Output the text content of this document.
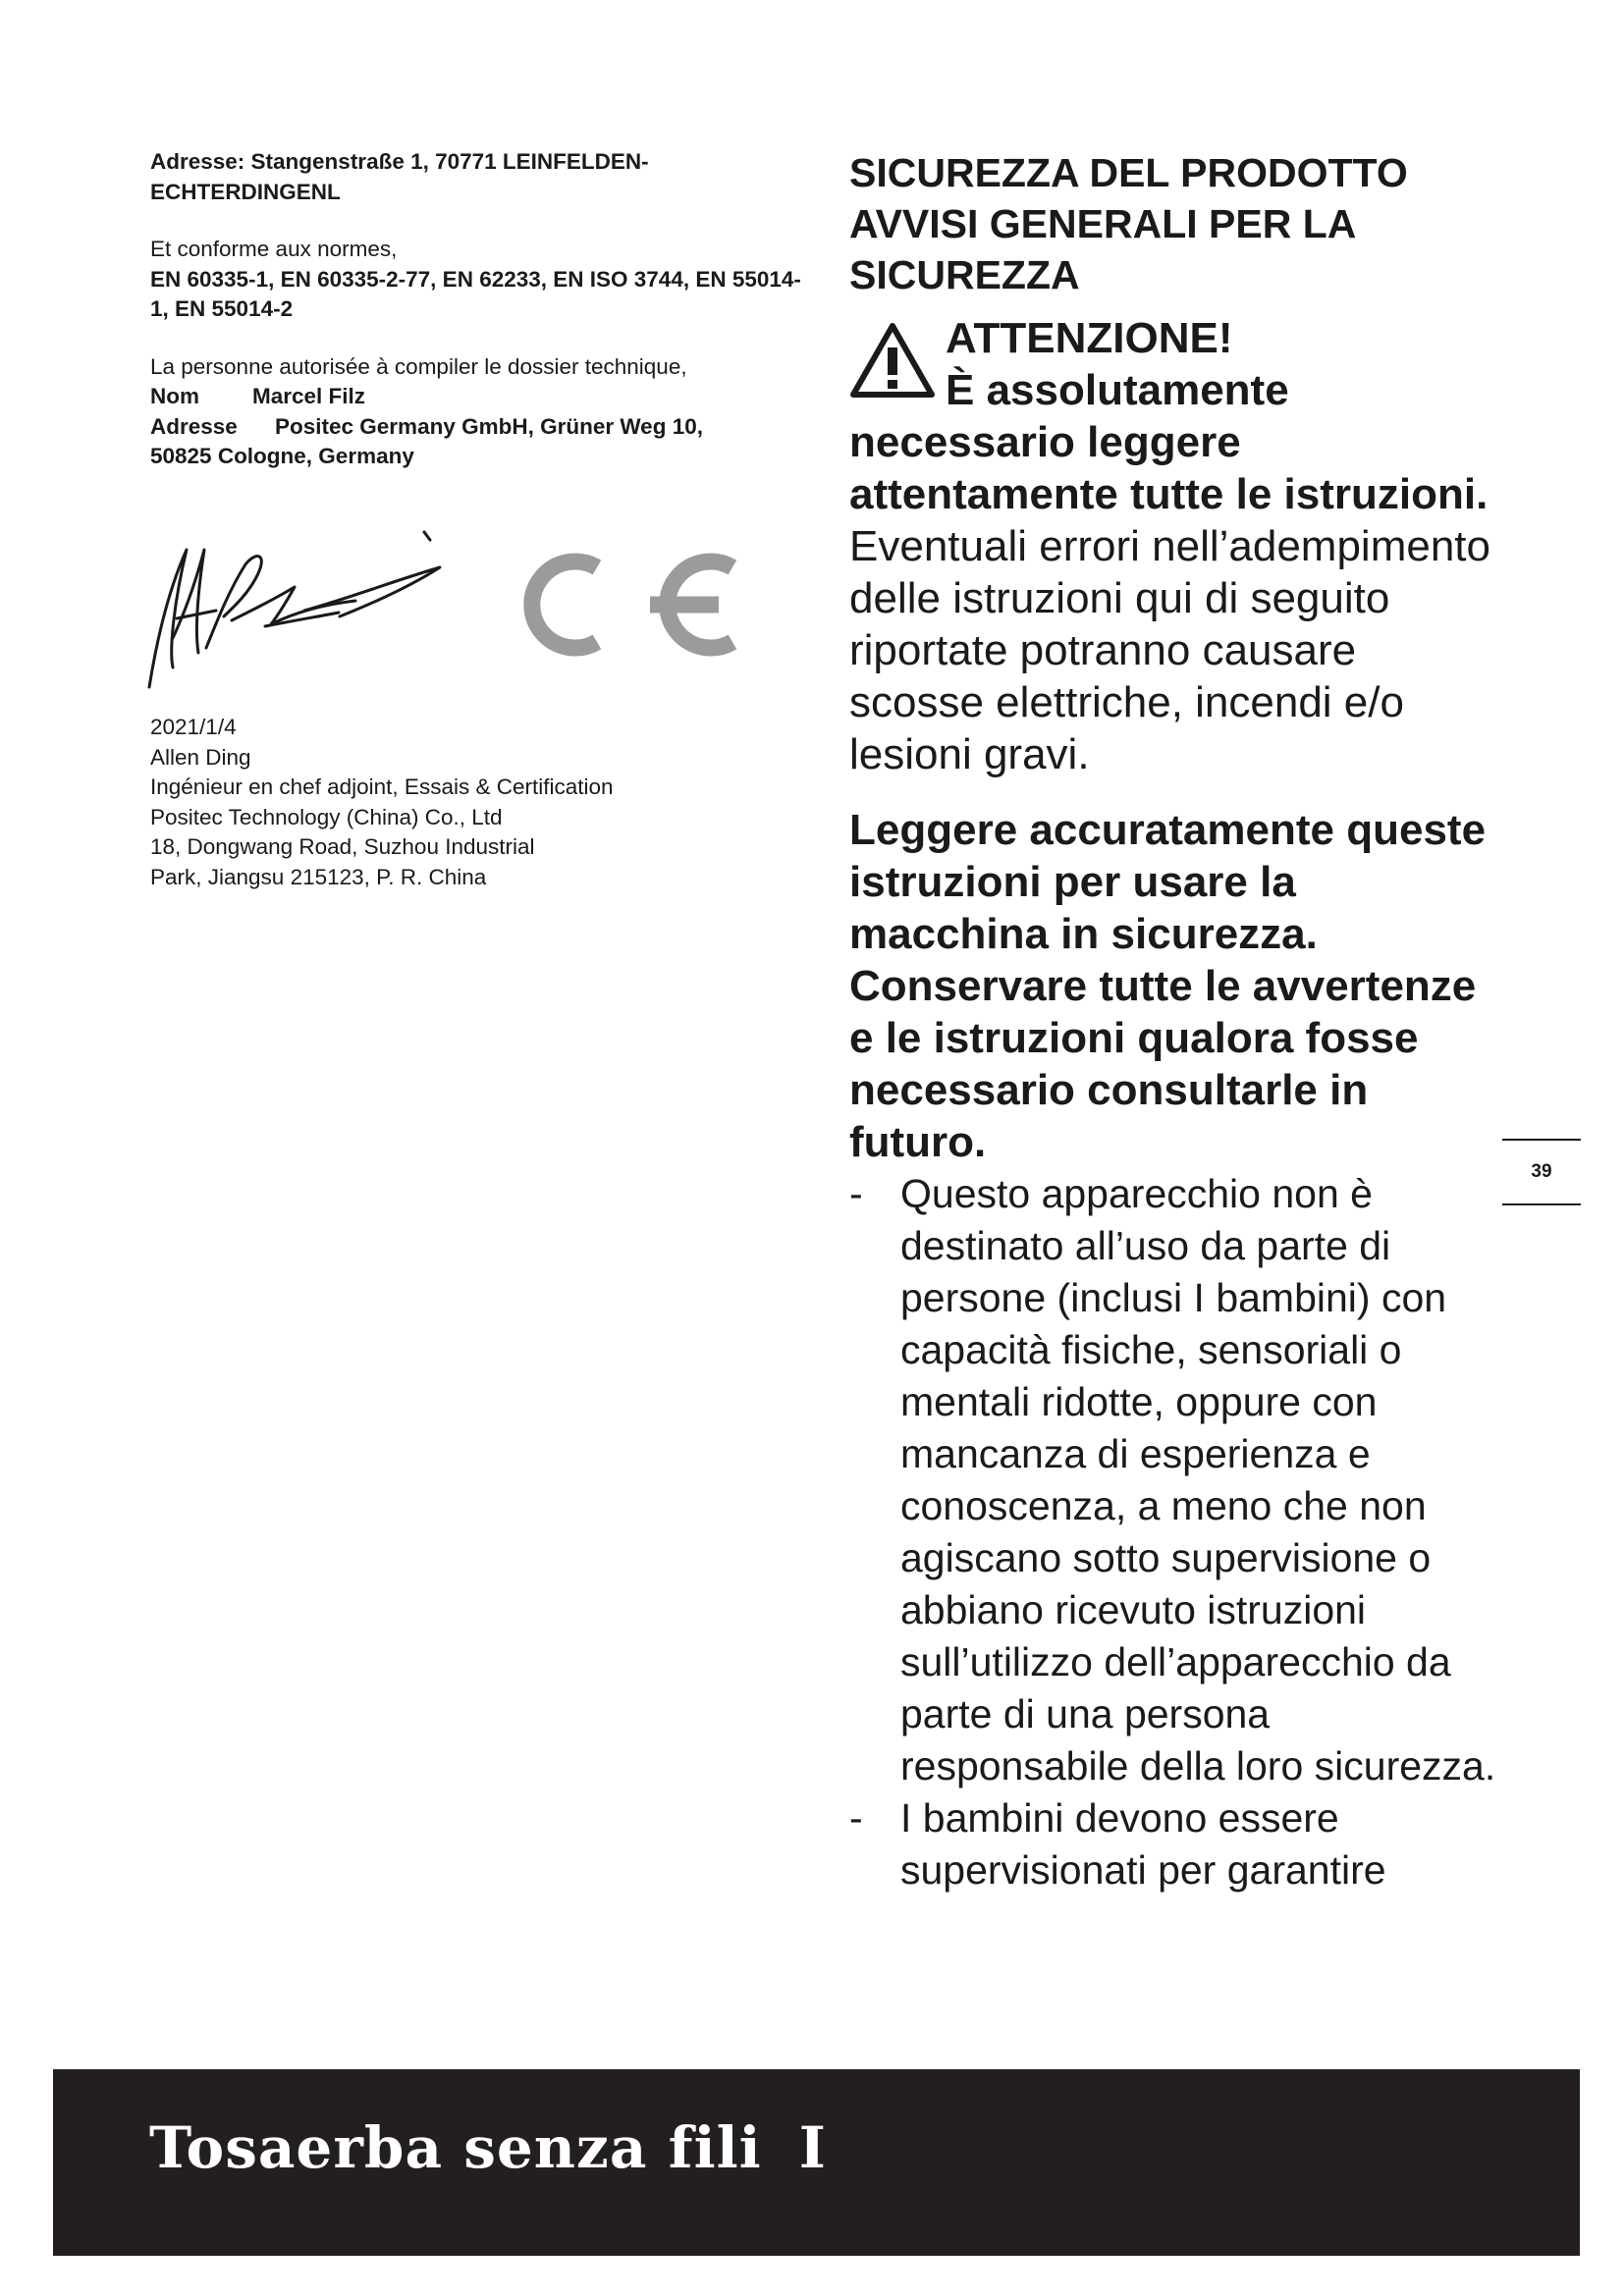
Adresse: Stangenstraße 1, 70771 LEINFELDEN-ECHTERDINGENL

Et conforme aux normes,

EN 60335-1, EN 60335-2-77, EN 62233, EN ISO 3744, EN 55014-1, EN 55014-2

La personne autorisée à compiler le dossier technique,

Nom Marcel Filz

Adresse Positec Germany GmbH, Grüner Weg 10,

50825 Cologne, Germany

2021/1/4

Allen Ding

Ingénieur en chef adjoint, Essais & Certification

Positec Technology (China) Co., Ltd

18, Dongwang Road, Suzhou Industrial

Park, Jiangsu 215123, P. R. China

SICUREZZA DEL PRODOTTO

AVVISI GENERALI PER LA

SICUREZZA

ATTENZIONE!
È assolutamente necessario leggere attentamente tutte le istruzioni. Eventuali errori nell’adempimento delle istruzioni qui di seguito riportate potranno causare scosse elettriche, incendi e/o lesioni gravi.

Leggere accuratamente queste istruzioni per usare la macchina in sicurezza. Conservare tutte le avvertenze e le istruzioni qualora fosse necessario consultarle in futuro.

- Questo apparecchio non è destinato all’uso da parte di persone (inclusi I bambini) con capacità fisiche, sensoriali o mentali ridotte, oppure con mancanza di esperienza e conoscenza, a meno che non agiscano sotto supervisione o abbiano ricevuto istruzioni sull’utilizzo dell’apparecchio da parte di una persona responsabile della loro sicurezza.
- I bambini devono essere supervisionati per garantire
39
Tosaerba senza fili I
